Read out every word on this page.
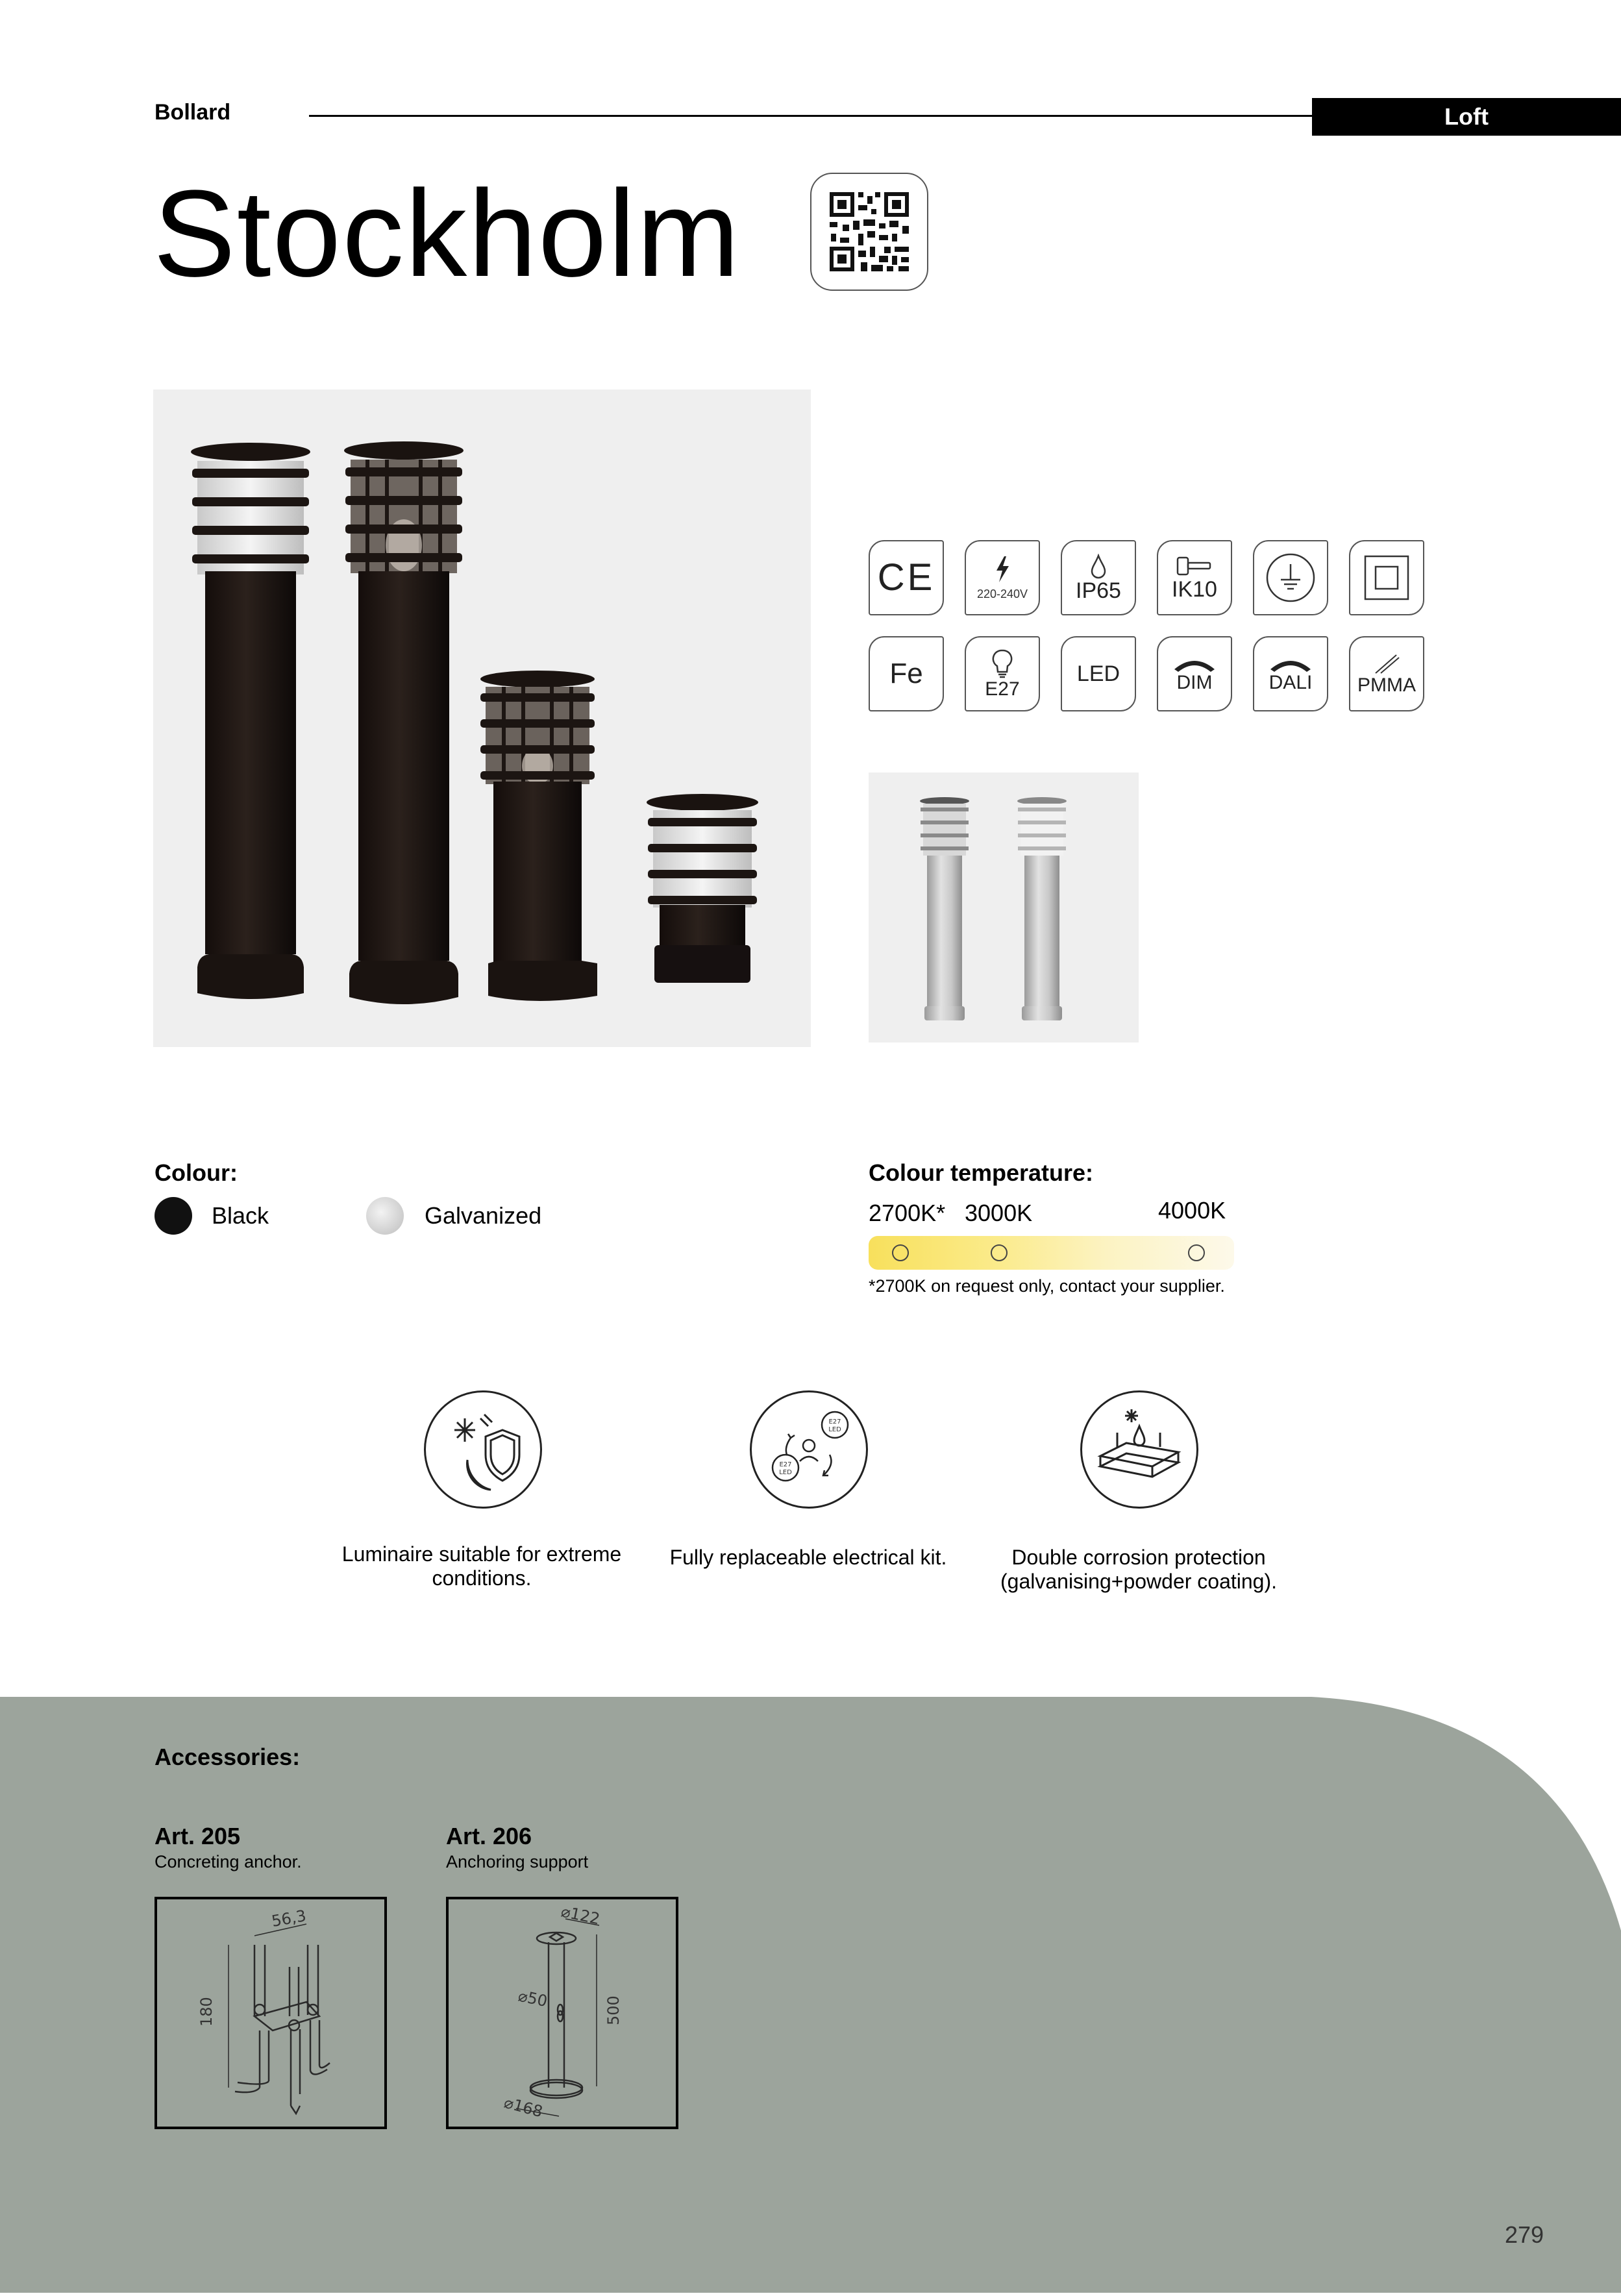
Bollard	Loft
Stockholm
CE	220-240V IP65 IK10
Fe	E27
LED	DIM	DALI PMMA
Colour:
Black	Galvanized
Colour temperature:
2700K* 3000K	4000K
*2700K on request only, contact your supplier.
E27
LED
E27
LED
Luminaire suitable for extreme conditions.
Fully replaceable electrical kit.	Double corrosion protection (galvanising+powder coating).
Accessories:
Art. 205
Concreting anchor.
56,3
180
Art. 206
Anchoring support
⌀122
⌀50	500
⌀168
279
